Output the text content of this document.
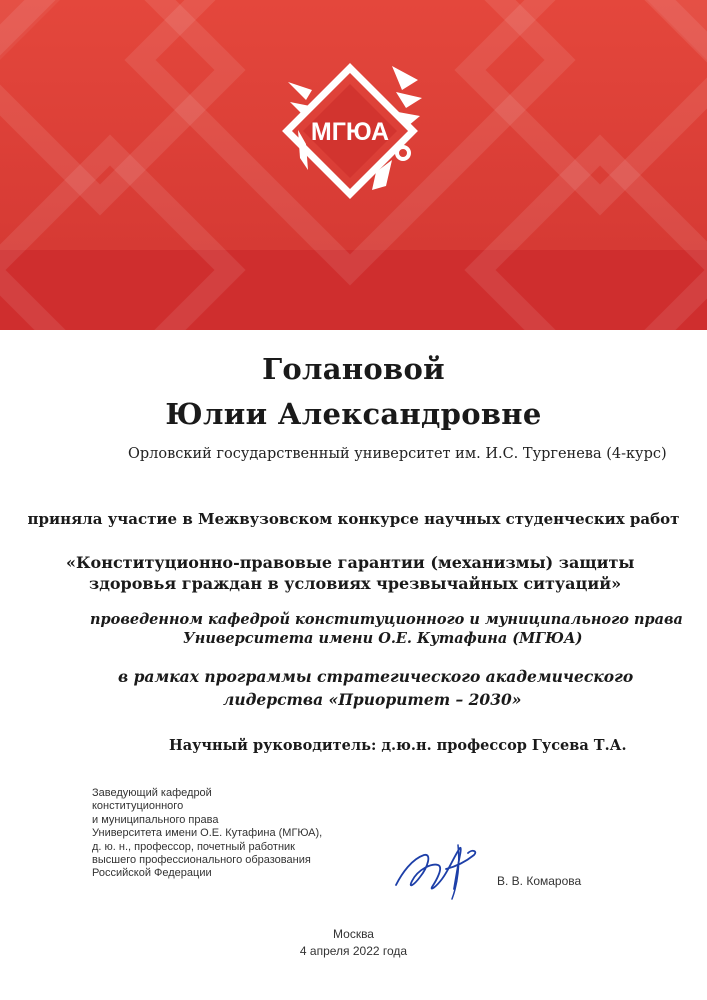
МГЮА
Голановой
Юлии Александровне
Орловский государственный университет им. И.С. Тургенева (4-курс)
приняла участие в Межвузовском конкурсе научных студенческих работ
«Конституционно-правовые гарантии (механизмы) защиты
здоровья граждан в условиях чрезвычайных ситуаций»
проведенном кафедрой конституционного и муниципального права
Университета имени О.Е. Кутафина (МГЮА)
в рамках программы стратегического академического
лидерства «Приоритет – 2030»
Научный руководитель: д.ю.н. профессор Гусева Т.А.
Заведующий кафедрой
конституционного
и муниципального права
Университета имени О.Е. Кутафина (МГЮА),
д. ю. н., профессор, почетный работник
высшего профессионального образования
Российской Федерации
В. В. Комарова
Москва
4 апреля 2022 года
